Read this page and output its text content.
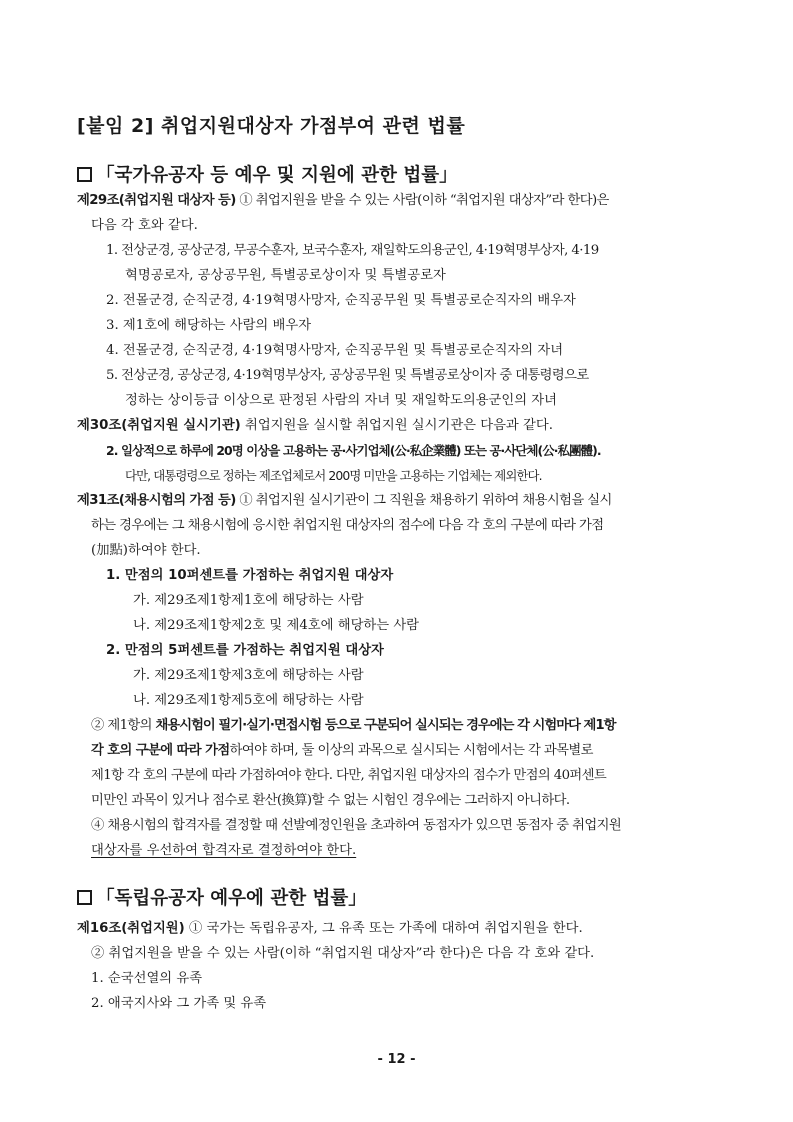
[붙임 2] 취업지원대상자 가점부여 관련 법률
「국가유공자 등 예우 및 지원에 관한 법률」
제29조(취업지원 대상자 등) ① 취업지원을 받을 수 있는 사람(이하 “취업지원 대상자”라 한다)은
다음 각 호와 같다.
1. 전상군경, 공상군경, 무공수훈자, 보국수훈자, 재일학도의용군인, 4·19혁명부상자, 4·19
혁명공로자, 공상공무원, 특별공로상이자 및 특별공로자
2. 전몰군경, 순직군경, 4·19혁명사망자, 순직공무원 및 특별공로순직자의 배우자
3. 제1호에 해당하는 사람의 배우자
4. 전몰군경, 순직군경, 4·19혁명사망자, 순직공무원 및 특별공로순직자의 자녀
5. 전상군경, 공상군경, 4·19혁명부상자, 공상공무원 및 특별공로상이자 중 대통령령으로
정하는 상이등급 이상으로 판정된 사람의 자녀 및 재일학도의용군인의 자녀
제30조(취업지원 실시기관) 취업지원을 실시할 취업지원 실시기관은 다음과 같다.
2. 일상적으로 하루에 20명 이상을 고용하는 공·사기업체(公·私企業體) 또는 공·사단체(公·私團體).
다만, 대통령령으로 정하는 제조업체로서 200명 미만을 고용하는 기업체는 제외한다.
제31조(채용시험의 가점 등) ① 취업지원 실시기관이 그 직원을 채용하기 위하여 채용시험을 실시
하는 경우에는 그 채용시험에 응시한 취업지원 대상자의 점수에 다음 각 호의 구분에 따라 가점
(加點)하여야 한다.
1. 만점의 10퍼센트를 가점하는 취업지원 대상자
가. 제29조제1항제1호에 해당하는 사람
나. 제29조제1항제2호 및 제4호에 해당하는 사람
2. 만점의 5퍼센트를 가점하는 취업지원 대상자
가. 제29조제1항제3호에 해당하는 사람
나. 제29조제1항제5호에 해당하는 사람
② 제1항의 채용시험이 필기·실기·면접시험 등으로 구분되어 실시되는 경우에는 각 시험마다 제1항
각 호의 구분에 따라 가점하여야 하며, 둘 이상의 과목으로 실시되는 시험에서는 각 과목별로
제1항 각 호의 구분에 따라 가점하여야 한다. 다만, 취업지원 대상자의 점수가 만점의 40퍼센트
미만인 과목이 있거나 점수로 환산(換算)할 수 없는 시험인 경우에는 그러하지 아니하다.
④ 채용시험의 합격자를 결정할 때 선발예정인원을 초과하여 동점자가 있으면 동점자 중 취업지원
대상자를 우선하여 합격자로 결정하여야 한다.
「독립유공자 예우에 관한 법률」
제16조(취업지원) ① 국가는 독립유공자, 그 유족 또는 가족에 대하여 취업지원을 한다.
② 취업지원을 받을 수 있는 사람(이하 “취업지원 대상자”라 한다)은 다음 각 호와 같다.
1. 순국선열의 유족
2. 애국지사와 그 가족 및 유족
- 12 -
